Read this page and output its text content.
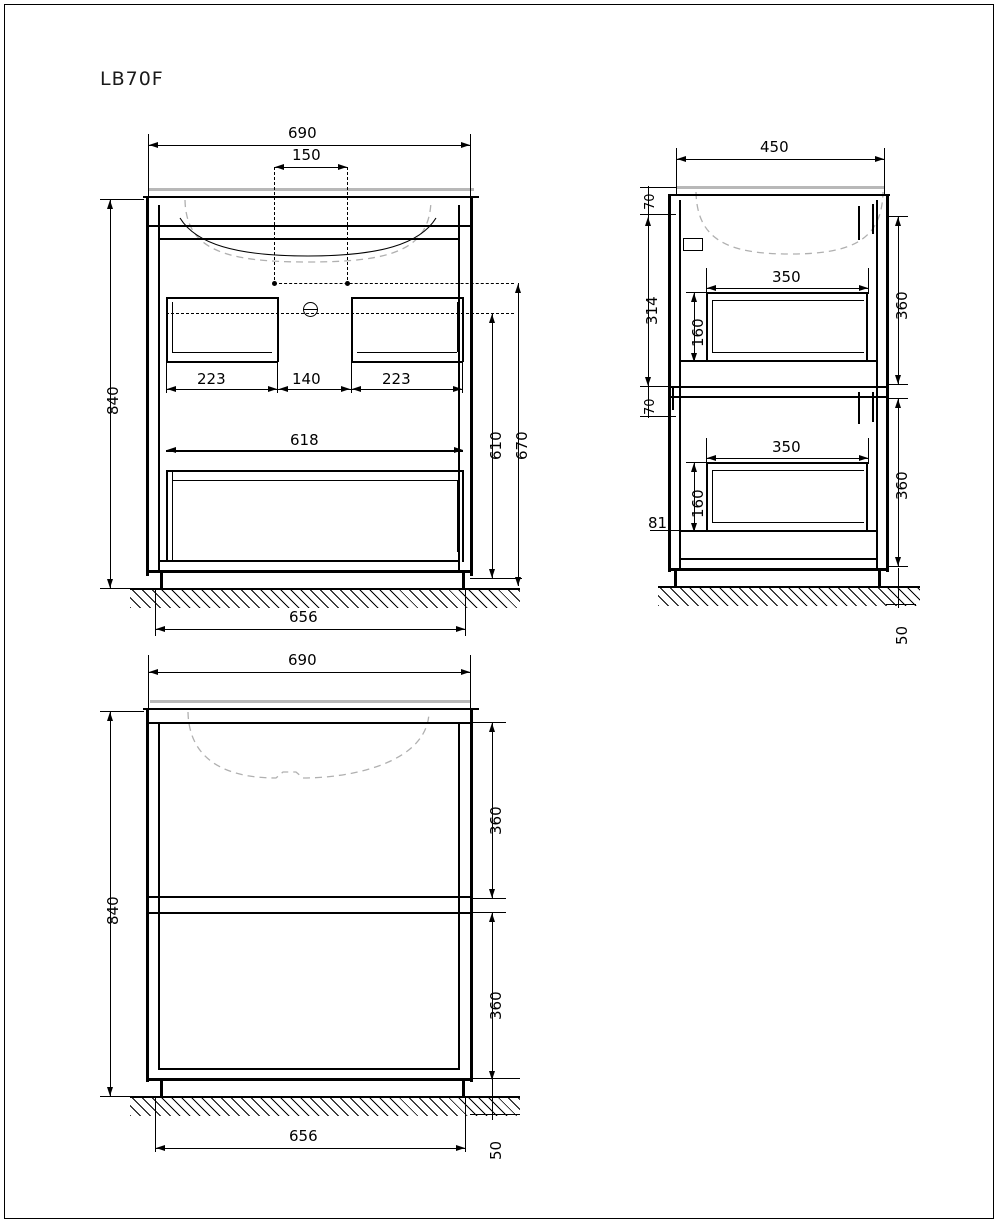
LB70F
690
150
840
223	140	223
618	610 670
656
450
70
314
70
350
160
360
350
160
81
360
50
690
840
360
360
50
656
